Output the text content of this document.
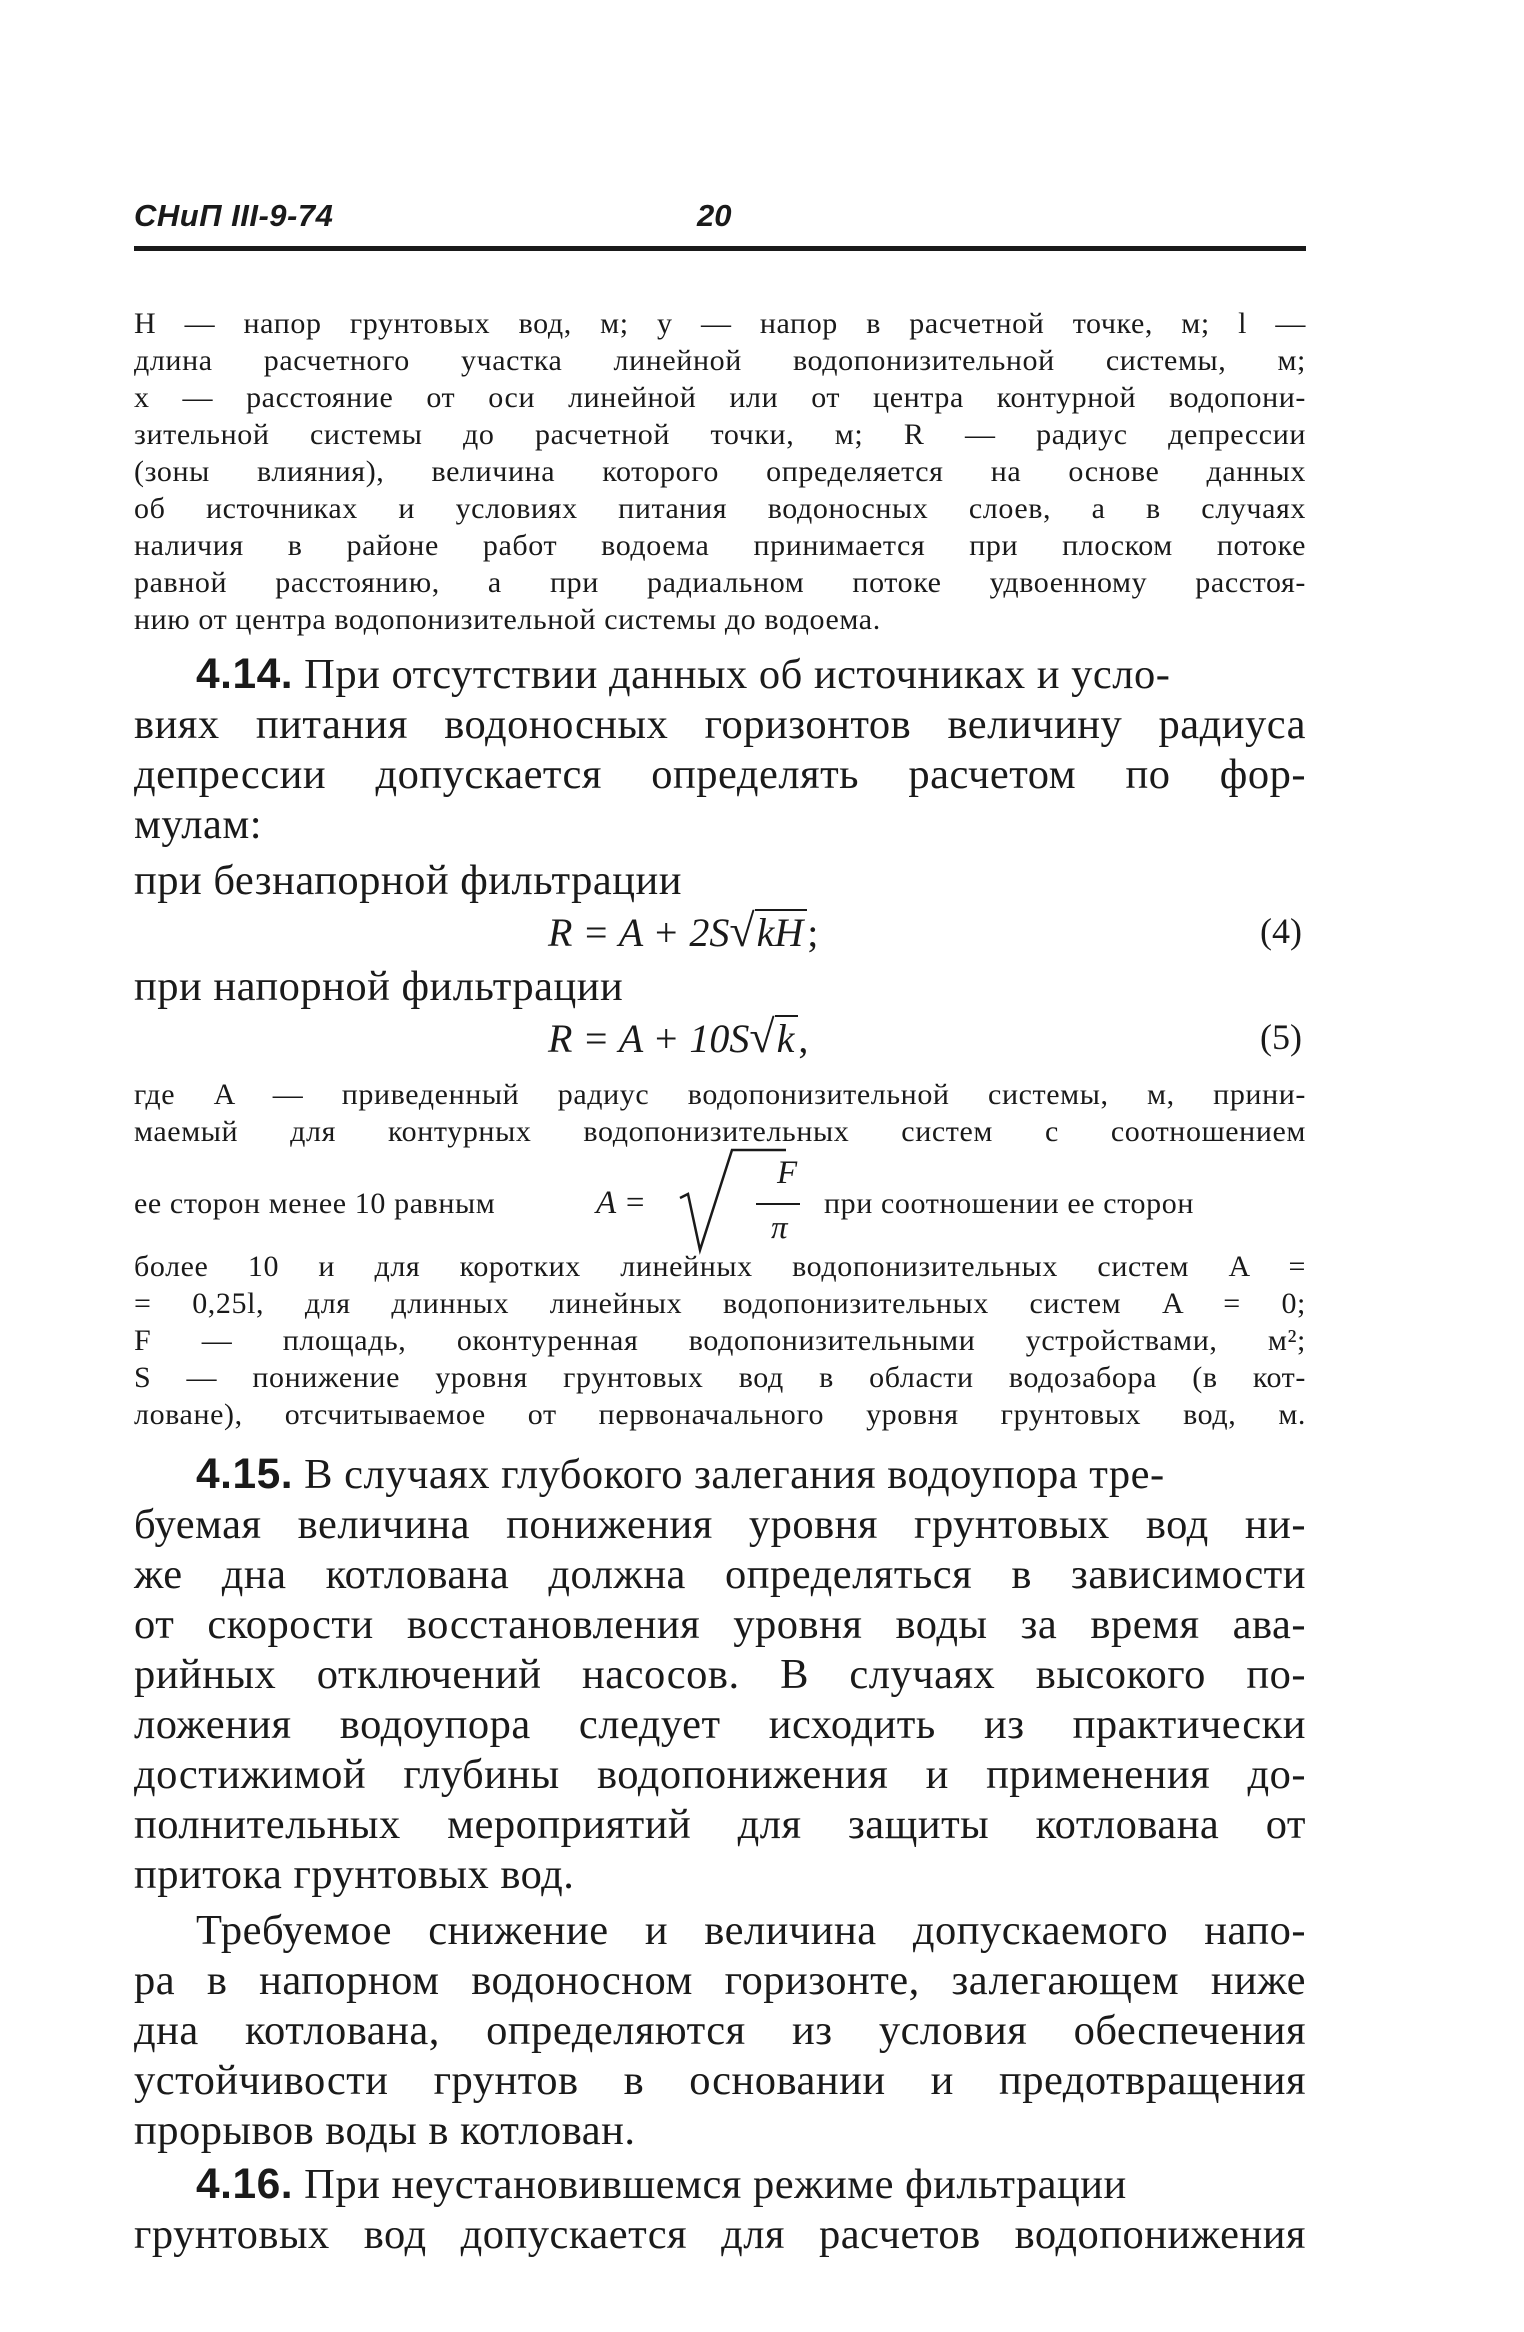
СНиП III-9-74	20
H — напор грунтовых вод, м; y — напор в расчетной точке, м; l —
длина расчетного участка линейной водопонизительной системы, м;
x — расстояние от оси линейной или от центра контурной водопони-
зительной системы до расчетной точки, м; R — радиус депрессии
(зоны влияния), величина которого определяется на основе данных
об источниках и условиях питания водоносных слоев, а в случаях
наличия в районе работ водоема принимается при плоском потоке
равной расстоянию, а при радиальном потоке удвоенному расстоя-
нию от центра водопонизительной системы до водоема.
4.14. При отсутствии данных об источниках и усло-
виях питания водоносных горизонтов величину радиуса
депрессии допускается определять расчетом по фор-
мулам:
при безнапорной фильтрации
R = A + 2S√kH ;	(4)
при напорной фильтрации
R = A + 10S√k ,	(5)
где A — приведенный радиус водопонизительной системы, м, прини-
маемый для контурных водопонизительных систем с соотношением
ее сторон менее 10 равным	A =
F
π
при соотношении ее сторон
более 10 и для коротких линейных водопонизительных систем A =
= 0,25l, для длинных линейных водопонизительных систем A = 0;
F — площадь, оконтуренная водопонизительными устройствами, м²;
S — понижение уровня грунтовых вод в области водозабора (в кот-
ловане), отсчитываемое от первоначального уровня грунтовых вод, м.
4.15. В случаях глубокого залегания водоупора тре-
буемая величина понижения уровня грунтовых вод ни-
же дна котлована должна определяться в зависимости
от скорости восстановления уровня воды за время ава-
рийных отключений насосов. В случаях высокого по-
ложения водоупора следует исходить из практически
достижимой глубины водопонижения и применения до-
полнительных мероприятий для защиты котлована от
притока грунтовых вод.
Требуемое снижение и величина допускаемого напо-
ра в напорном водоносном горизонте, залегающем ниже
дна котлована, определяются из условия обеспечения
устойчивости грунтов в основании и предотвращения
прорывов воды в котлован.
4.16. При неустановившемся режиме фильтрации
грунтовых вод допускается для расчетов водопонижения
